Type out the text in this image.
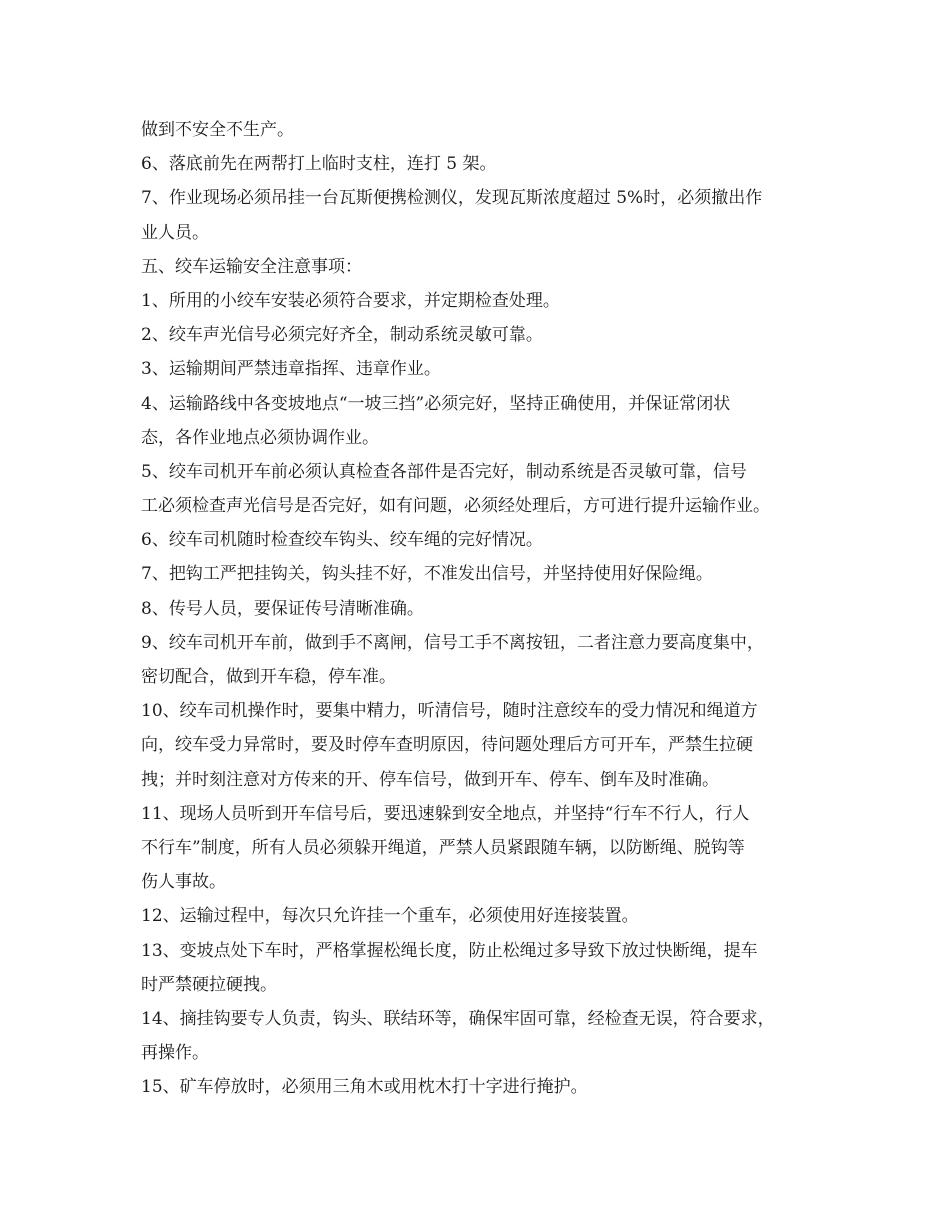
做到不安全不生产。
6、落底前先在两帮打上临时支柱，连打 5 架。
7、作业现场必须吊挂一台瓦斯便携检测仪，发现瓦斯浓度超过 5%时，必须撤出作
业人员。
五、绞车运输安全注意事项：
1、所用的小绞车安装必须符合要求，并定期检查处理。
2、绞车声光信号必须完好齐全，制动系统灵敏可靠。
3、运输期间严禁违章指挥、违章作业。
4、运输路线中各变坡地点“一坡三挡”必须完好，坚持正确使用，并保证常闭状
态，各作业地点必须协调作业。
5、绞车司机开车前必须认真检查各部件是否完好，制动系统是否灵敏可靠，信号
工必须检查声光信号是否完好，如有问题，必须经处理后，方可进行提升运输作业。
6、绞车司机随时检查绞车钩头、绞车绳的完好情况。
7、把钩工严把挂钩关，钩头挂不好，不准发出信号，并坚持使用好保险绳。
8、传号人员，要保证传号清晰准确。
9、绞车司机开车前，做到手不离闸，信号工手不离按钮，二者注意力要高度集中，
密切配合，做到开车稳，停车准。
10、绞车司机操作时，要集中精力，听清信号，随时注意绞车的受力情况和绳道方
向，绞车受力异常时，要及时停车查明原因，待问题处理后方可开车，严禁生拉硬
拽；并时刻注意对方传来的开、停车信号，做到开车、停车、倒车及时准确。
11、现场人员听到开车信号后，要迅速躲到安全地点，并坚持“行车不行人，行人
不行车”制度，所有人员必须躲开绳道，严禁人员紧跟随车辆，以防断绳、脱钩等
伤人事故。
12、运输过程中，每次只允许挂一个重车，必须使用好连接装置。
13、变坡点处下车时，严格掌握松绳长度，防止松绳过多导致下放过快断绳，提车
时严禁硬拉硬拽。
14、摘挂钩要专人负责，钩头、联结环等，确保牢固可靠，经检查无误，符合要求，
再操作。
15、矿车停放时，必须用三角木或用枕木打十字进行掩护。
